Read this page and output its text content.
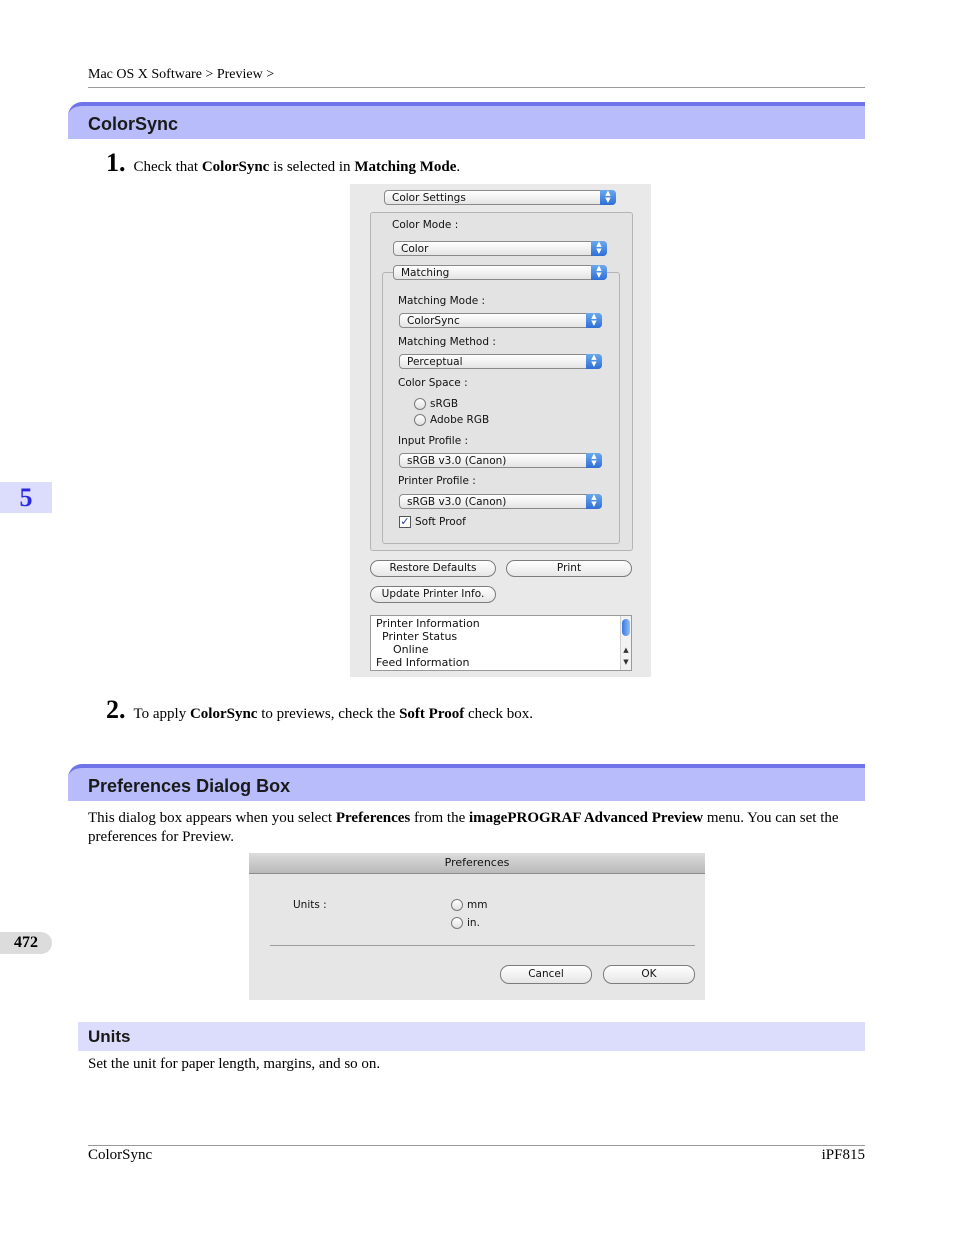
Mac OS X Software > Preview >
ColorSync
1. Check that ColorSync is selected in Matching Mode.
Color Settings	▲
▼
Color Mode :
Color	▲
▼
Matching	▲
▼
Matching Mode :
ColorSync	▲
▼
Matching Method :
Perceptual	▲
▼
Color Space :
sRGB
Adobe RGB
Input Profile :
sRGB v3.0 (Canon)	▲
▼
Printer Profile :
sRGB v3.0 (Canon)	▲
▼
✓ Soft Proof
Restore Defaults	Print
Update Printer Info.
Printer Information
Printer Status
Online
Feed Information
▲
▼
2. To apply ColorSync to previews, check the Soft Proof check box.
Preferences Dialog Box
This dialog box appears when you select Preferences from the imagePROGRAF Advanced Preview menu. You can set the preferences for Preview.
Preferences
Units :	mm
in.
Cancel	OK
Units
Set the unit for paper length, margins, and so on.
5
472
ColorSync	iPF815
